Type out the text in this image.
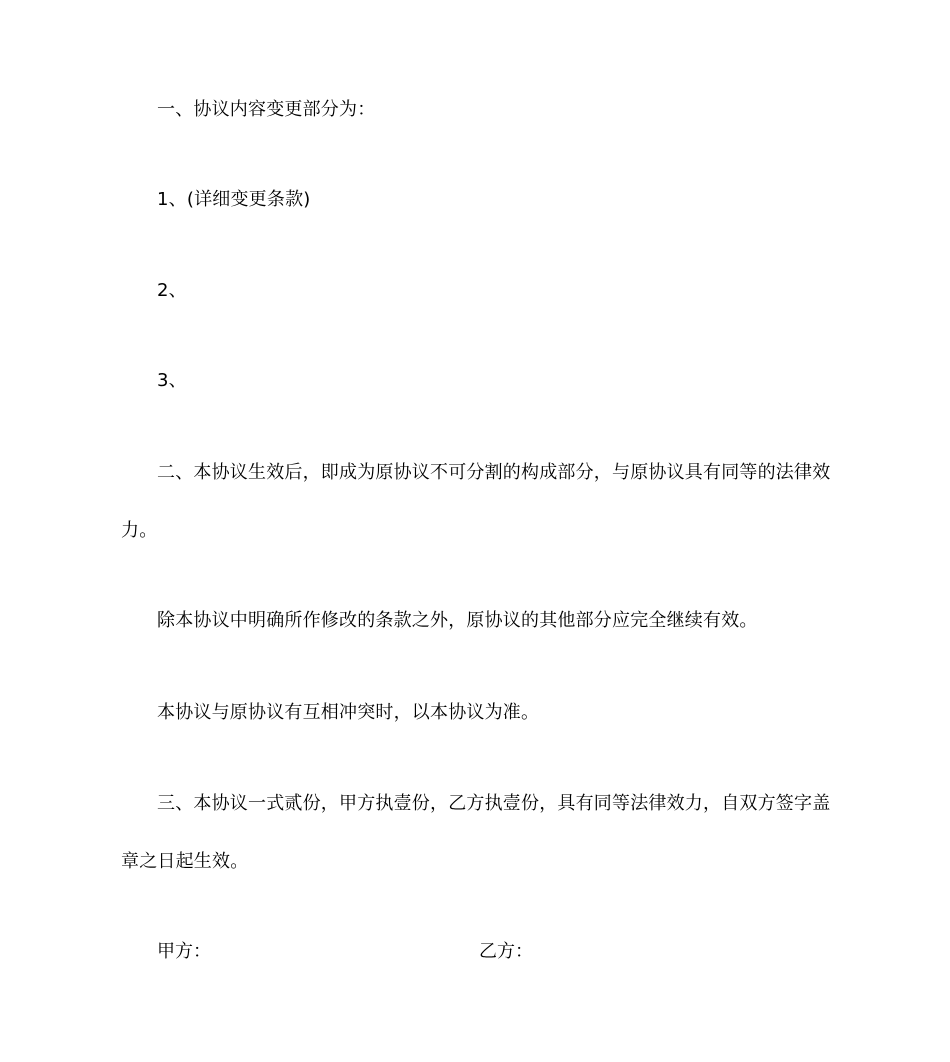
一、协议内容变更部分为：
1、(详细变更条款)
2、
3、
二、本协议生效后，即成为原协议不可分割的构成部分，与原协议具有同等的法律效
力。
除本协议中明确所作修改的条款之外，原协议的其他部分应完全继续有效。
本协议与原协议有互相冲突时，以本协议为准。
三、本协议一式贰份，甲方执壹份，乙方执壹份，具有同等法律效力，自双方签字盖
章之日起生效。
甲方：	乙方：
